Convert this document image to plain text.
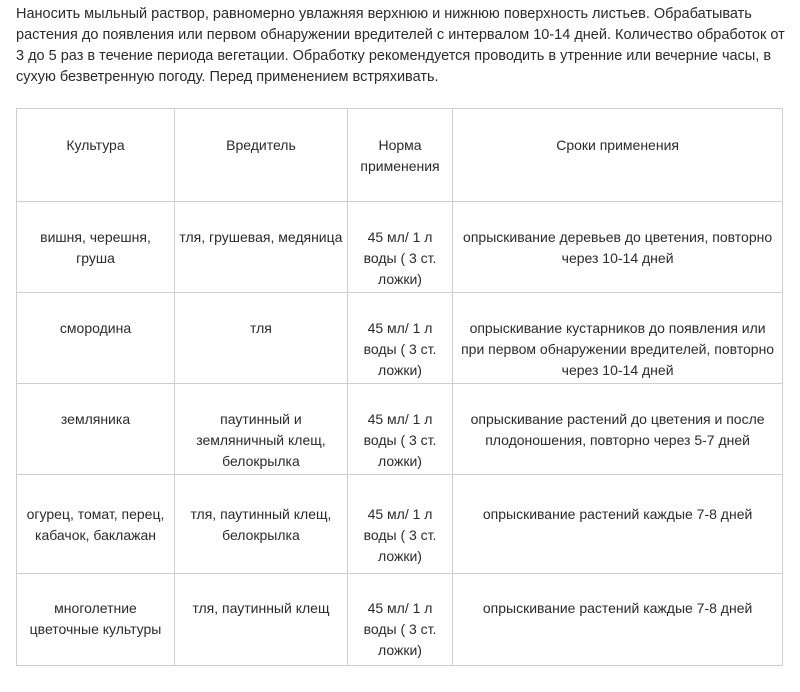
Наносить мыльный раствор, равномерно увлажняя верхнюю и нижнюю поверхность листьев. Обрабатывать растения до появления или первом обнаружении вредителей с интервалом 10-14 дней. Количество обработок от 3 до 5 раз в течение периода вегетации. Обработку рекомендуется проводить в утренние или вечерние часы, в сухую безветренную погоду. Перед применением встряхивать.

Культура	Вредитель	Норма применения	Сроки применения
вишня, черешня, груша	тля, грушевая, медяница	45 мл/ 1 л воды ( 3 ст. ложки)	опрыскивание деревьев до цветения, повторно через 10-14 дней
смородина	тля	45 мл/ 1 л воды ( 3 ст. ложки)	опрыскивание кустарников до появления или при первом обнаружении вредителей, повторно через 10-14 дней
земляника	паутинный и земляничный клещ, белокрылка	45 мл/ 1 л воды ( 3 ст. ложки)	опрыскивание растений до цветения и после плодоношения, повторно через 5-7 дней
огурец, томат, перец, кабачок, баклажан	тля, паутинный клещ, белокрылка	45 мл/ 1 л воды ( 3 ст. ложки)	опрыскивание растений каждые 7-8 дней
многолетние цветочные культуры	тля, паутинный клещ	45 мл/ 1 л воды ( 3 ст. ложки)	опрыскивание растений каждые 7-8 дней
